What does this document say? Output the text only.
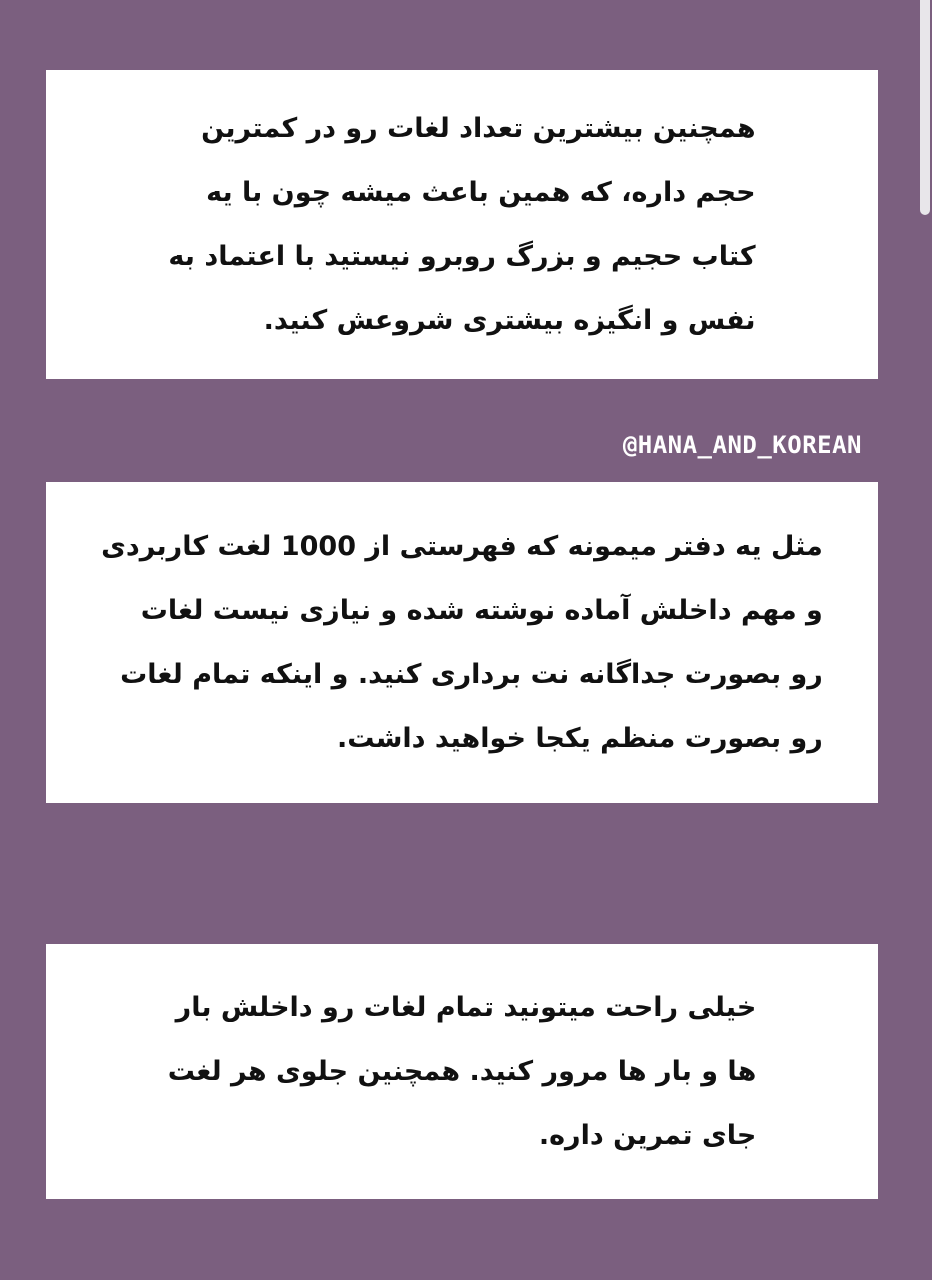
همچنین بیشترین تعداد لغات رو در کمترین
حجم داره، که همین باعث میشه چون با یه
کتاب حجیم و بزرگ روبرو نیستید با اعتماد به
نفس و انگیزه بیشتری شروعش کنید.

@HANA_AND_KOREAN

مثل یه دفتر میمونه که فهرستی از 1000 لغت کاربردی
و مهم داخلش آماده نوشته شده و نیازی نیست لغات
رو بصورت جداگانه نت برداری کنید. و اینکه تمام لغات
رو بصورت منظم یکجا خواهید داشت.

خیلی راحت میتونید تمام لغات رو داخلش بار
ها و بار ها مرور کنید. همچنین جلوی هر لغت
جای تمرین داره.
